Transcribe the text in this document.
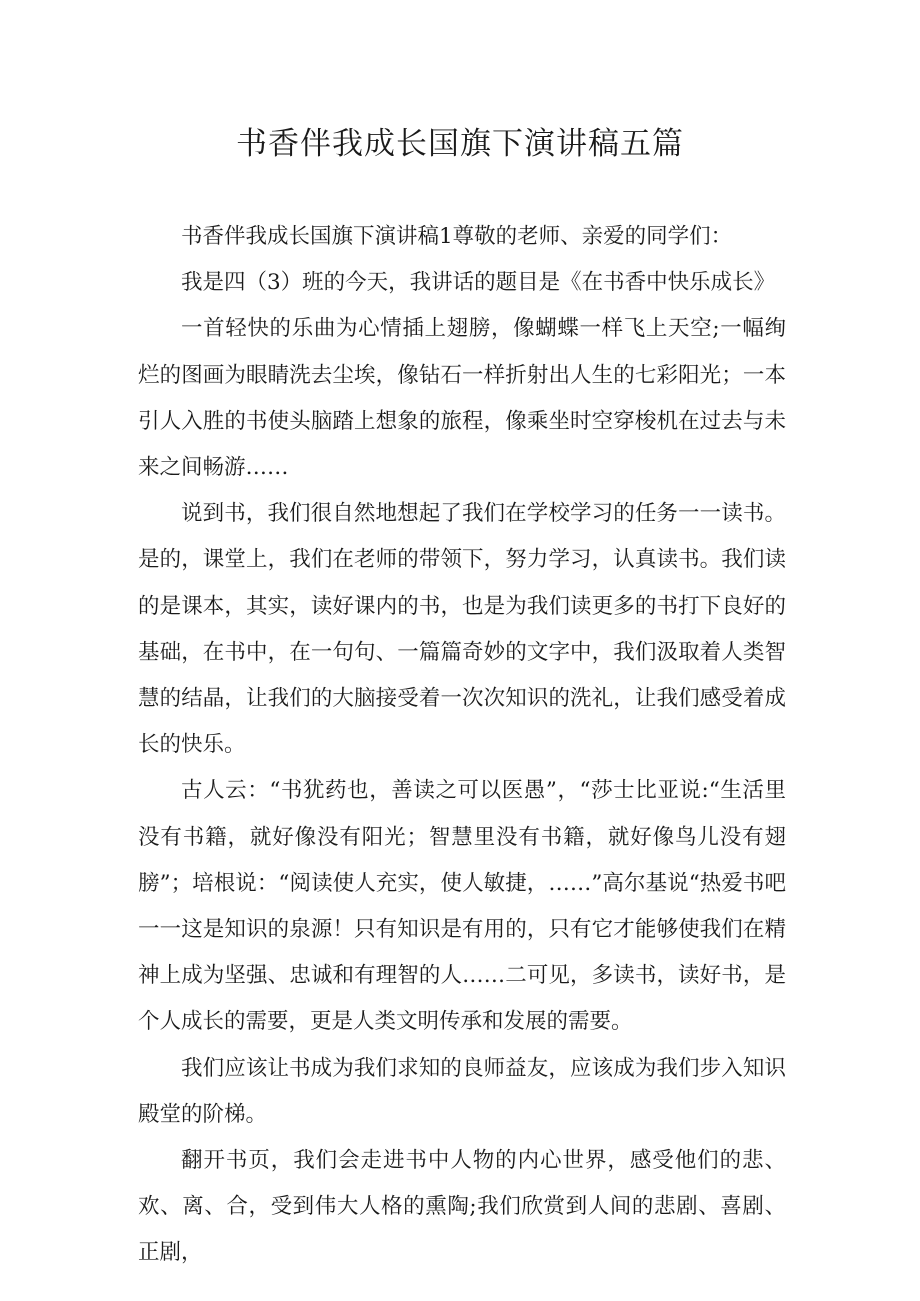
书香伴我成长国旗下演讲稿五篇

书香伴我成长国旗下演讲稿1尊敬的老师、亲爱的同学们：

我是四（3）班的今天，我讲话的题目是《在书香中快乐成长》

一首轻快的乐曲为心情插上翅膀，像蝴蝶一样飞上天空;一幅绚烂的图画为眼睛洗去尘埃，像钻石一样折射出人生的七彩阳光；一本引人入胜的书使头脑踏上想象的旅程，像乘坐时空穿梭机在过去与未来之间畅游……

说到书，我们很自然地想起了我们在学校学习的任务一一读书。是的，课堂上，我们在老师的带领下，努力学习，认真读书。我们读的是课本，其实，读好课内的书，也是为我们读更多的书打下良好的基础，在书中，在一句句、一篇篇奇妙的文字中，我们汲取着人类智慧的结晶，让我们的大脑接受着一次次知识的洗礼，让我们感受着成长的快乐。

古人云：“书犹药也，善读之可以医愚”，“莎士比亚说:“生活里没有书籍，就好像没有阳光；智慧里没有书籍，就好像鸟儿没有翅膀”；培根说：“阅读使人充实，使人敏捷，……”高尔基说“热爱书吧一一这是知识的泉源！只有知识是有用的，只有它才能够使我们在精神上成为坚强、忠诚和有理智的人……二可见，多读书，读好书，是个人成长的需要，更是人类文明传承和发展的需要。

我们应该让书成为我们求知的良师益友，应该成为我们步入知识殿堂的阶梯。

翻开书页，我们会走进书中人物的内心世界，感受他们的悲、欢、离、合，受到伟大人格的熏陶;我们欣赏到人间的悲剧、喜剧、正剧，
